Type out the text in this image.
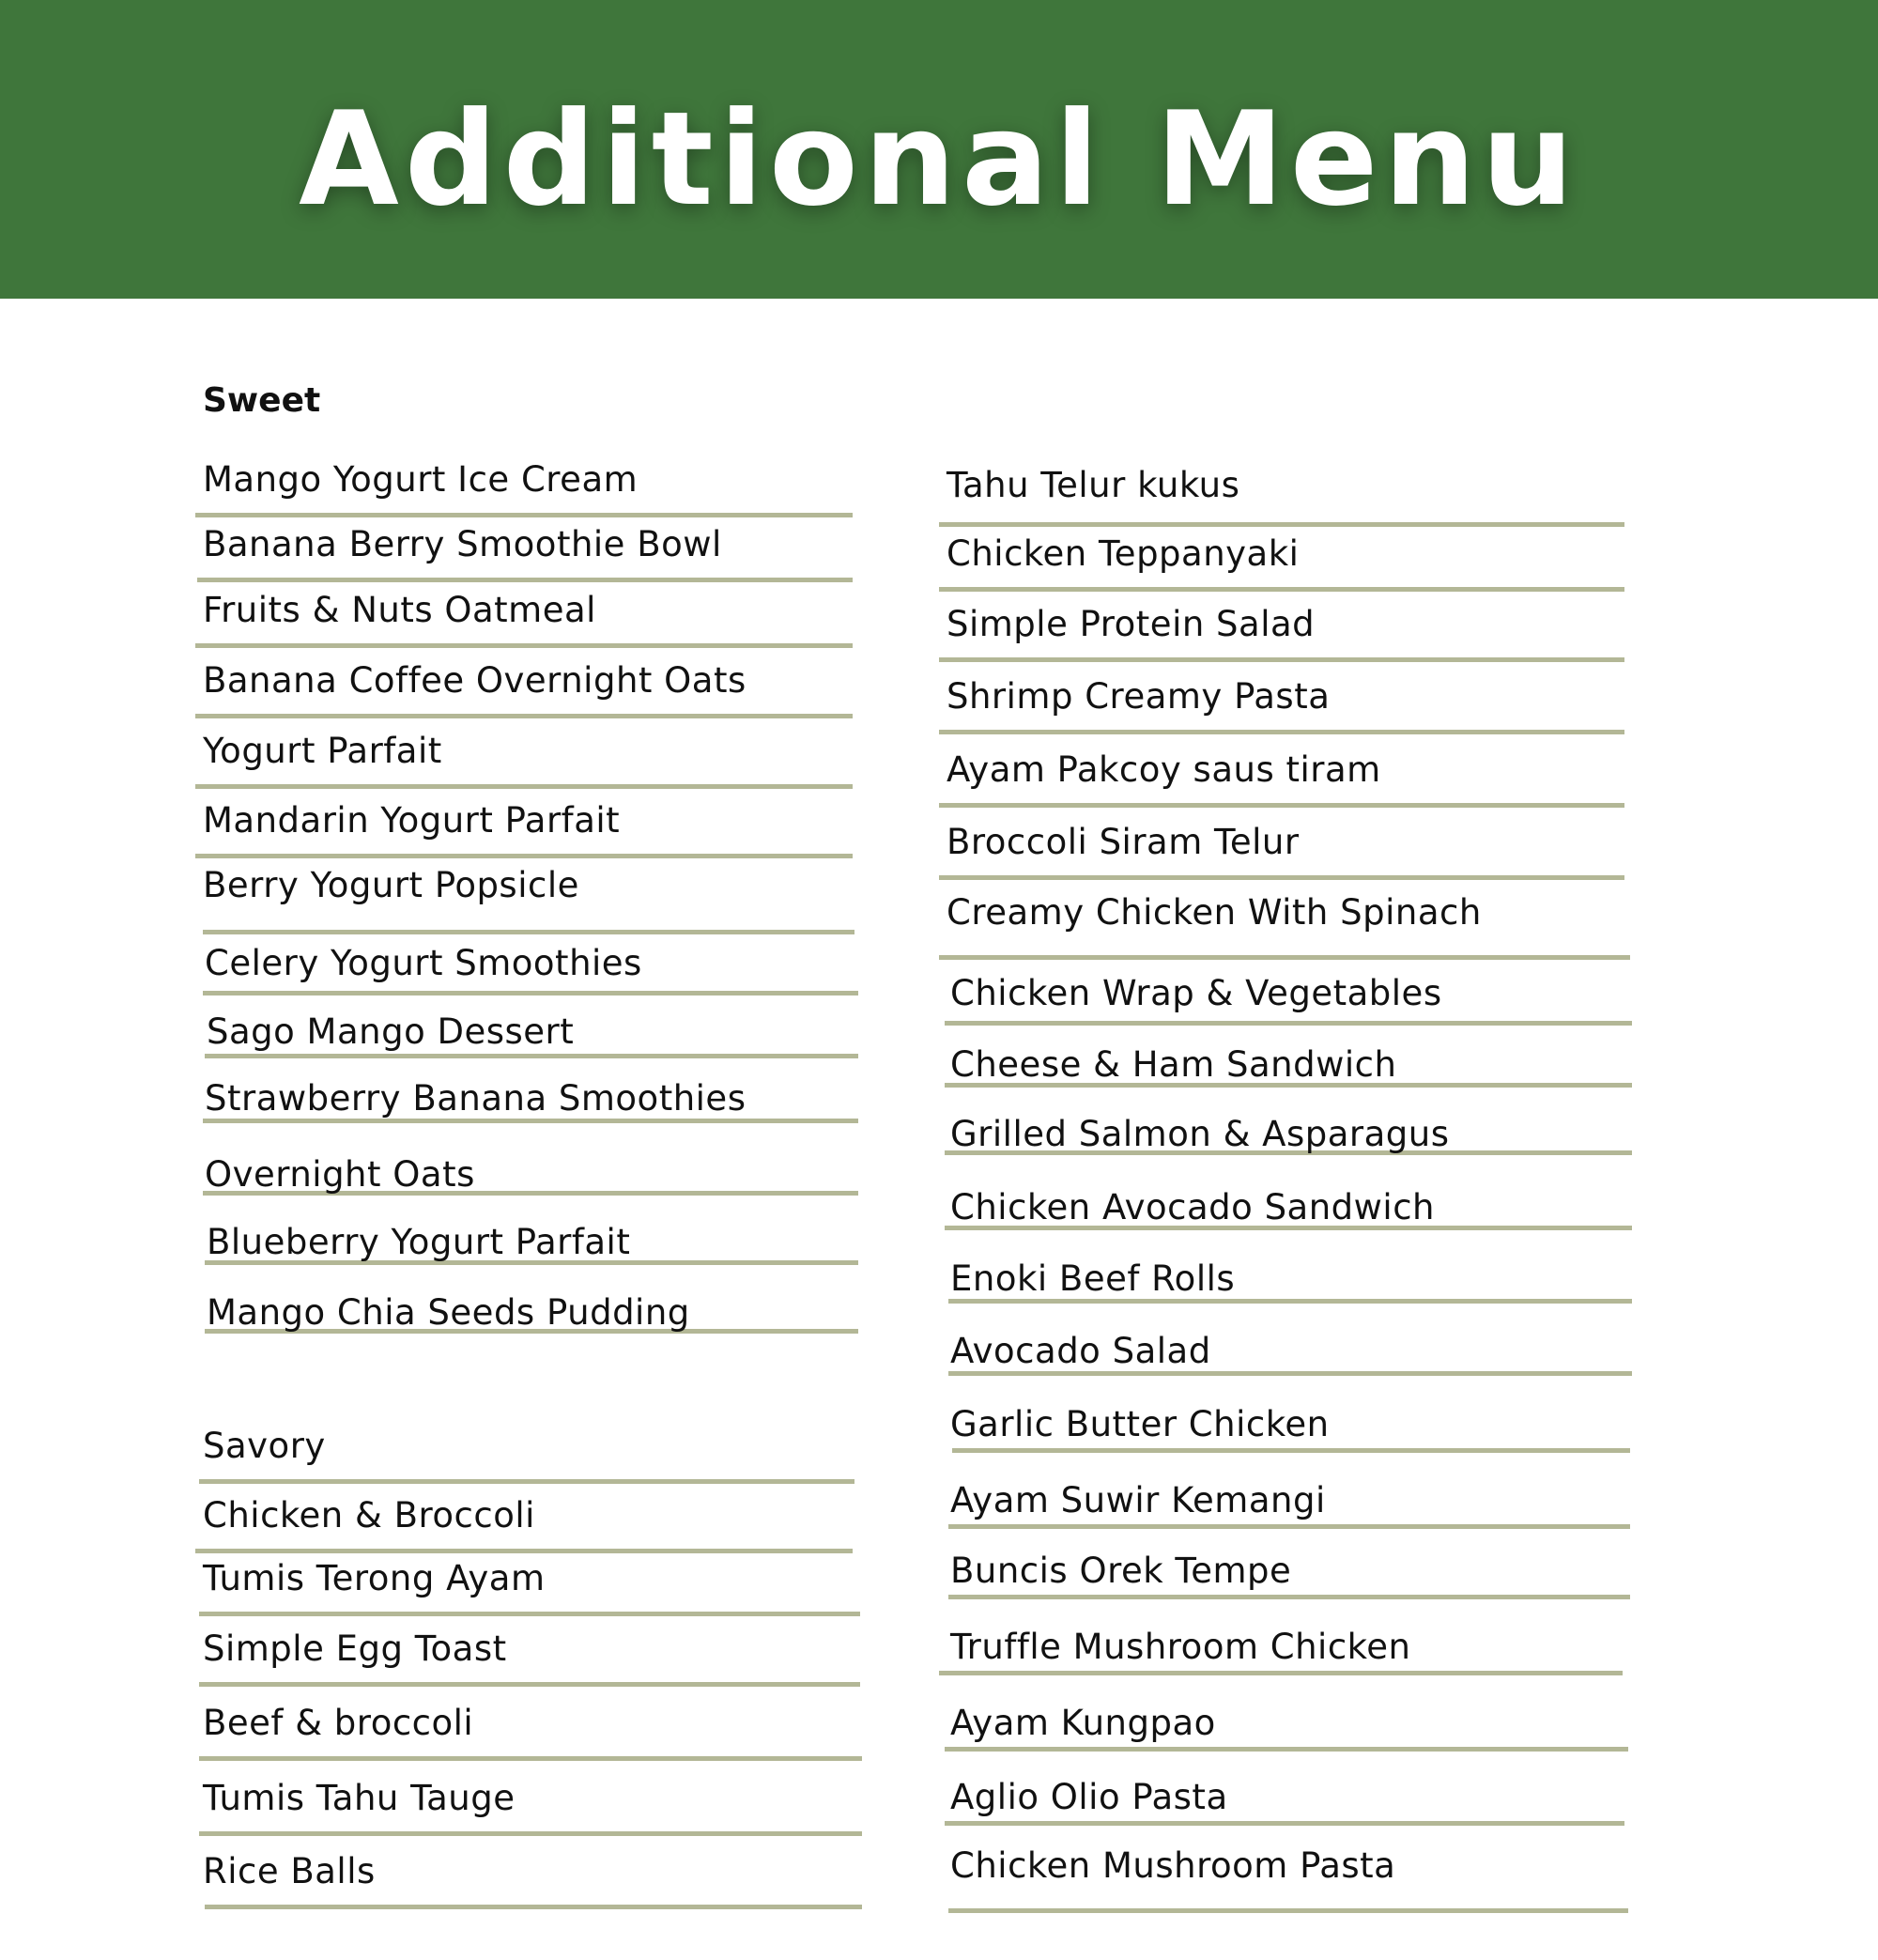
Additional Menu
Sweet
Mango Yogurt Ice Cream
Banana Berry Smoothie Bowl
Fruits & Nuts Oatmeal
Banana Coffee Overnight Oats
Yogurt Parfait
Mandarin Yogurt Parfait
Berry Yogurt Popsicle
Celery Yogurt Smoothies
Sago Mango Dessert
Strawberry Banana Smoothies
Overnight Oats
Blueberry Yogurt Parfait
Mango Chia Seeds Pudding
Savory
Chicken & Broccoli
Tumis Terong Ayam
Simple Egg Toast
Beef & broccoli
Tumis Tahu Tauge
Rice Balls
Tahu Telur kukus
Chicken Teppanyaki
Simple Protein Salad
Shrimp Creamy Pasta
Ayam Pakcoy saus tiram
Broccoli Siram Telur
Creamy Chicken With Spinach
Chicken Wrap & Vegetables
Cheese & Ham Sandwich
Grilled Salmon & Asparagus
Chicken Avocado Sandwich
Enoki Beef Rolls
Avocado Salad
Garlic Butter Chicken
Ayam Suwir Kemangi
Buncis Orek Tempe
Truffle Mushroom Chicken
Ayam Kungpao
Aglio Olio Pasta
Chicken Mushroom Pasta
